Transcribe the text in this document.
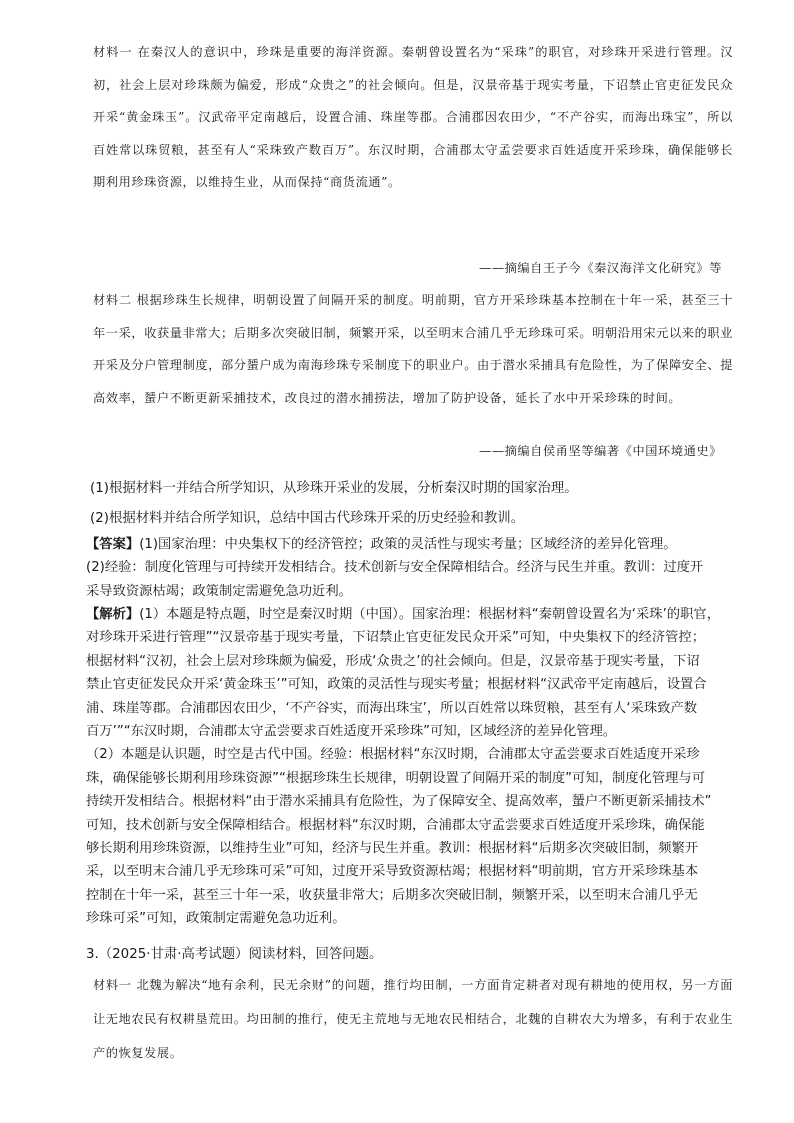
材料一 在秦汉人的意识中，珍珠是重要的海洋资源。秦朝曾设置名为“采珠”的职官，对珍珠开采进行管理。汉初，社会上层对珍珠颇为偏爱，形成“众贵之”的社会倾向。但是，汉景帝基于现实考量，下诏禁止官吏征发民众开采“黄金珠玉”。汉武帝平定南越后，设置合浦、珠崖等郡。合浦郡因农田少，“不产谷实，而海出珠宝”，所以百姓常以珠贸粮，甚至有人“采珠致产数百万”。东汉时期，合浦郡太守孟尝要求百姓适度开采珍珠，确保能够长期利用珍珠资源，以维持生业，从而保持“商货流通”。

——摘编自王子今《秦汉海洋文化研究》等

材料二 根据珍珠生长规律，明朝设置了间隔开采的制度。明前期，官方开采珍珠基本控制在十年一采，甚至三十年一采，收获量非常大；后期多次突破旧制，频繁开采，以至明末合浦几乎无珍珠可采。明朝沿用宋元以来的职业开采及分户管理制度，部分蜑户成为南海珍珠专采制度下的职业户。由于潜水采捕具有危险性，为了保障安全、提高效率，蜑户不断更新采捕技术，改良过的潜水捕捞法，增加了防护设备，延长了水中开采珍珠的时间。

——摘编自侯甬坚等编著《中国环境通史》

(1)根据材料一并结合所学知识，从珍珠开采业的发展，分析秦汉时期的国家治理。

(2)根据材料并结合所学知识，总结中国古代珍珠开采的历史经验和教训。

【答案】(1)国家治理：中央集权下的经济管控；政策的灵活性与现实考量；区域经济的差异化管理。
(2)经验：制度化管理与可持续开发相结合。技术创新与安全保障相结合。经济与民生并重。教训：过度开
采导致资源枯竭；政策制定需避免急功近利。
【解析】(1）本题是特点题，时空是秦汉时期（中国）。国家治理：根据材料“秦朝曾设置名为‘采珠’的职官，
对珍珠开采进行管理”“汉景帝基于现实考量，下诏禁止官吏征发民众开采”可知，中央集权下的经济管控；
根据材料“汉初，社会上层对珍珠颇为偏爱，形成‘众贵之’的社会倾向。但是，汉景帝基于现实考量，下诏
禁止官吏征发民众开采‘黄金珠玉’”可知，政策的灵活性与现实考量；根据材料“汉武帝平定南越后，设置合
浦、珠崖等郡。合浦郡因农田少，‘不产谷实，而海出珠宝’，所以百姓常以珠贸粮，甚至有人‘采珠致产数
百万’”“东汉时期，合浦郡太守孟尝要求百姓适度开采珍珠”可知，区域经济的差异化管理。
（2）本题是认识题，时空是古代中国。经验：根据材料“东汉时期，合浦郡太守孟尝要求百姓适度开采珍
珠，确保能够长期利用珍珠资源”“根据珍珠生长规律，明朝设置了间隔开采的制度”可知，制度化管理与可
持续开发相结合。根据材料“由于潜水采捕具有危险性，为了保障安全、提高效率，蜑户不断更新采捕技术”
可知，技术创新与安全保障相结合。根据材料“东汉时期，合浦郡太守孟尝要求百姓适度开采珍珠，确保能
够长期利用珍珠资源，以维持生业”可知，经济与民生并重。教训：根据材料“后期多次突破旧制，频繁开
采，以至明末合浦几乎无珍珠可采”可知，过度开采导致资源枯竭；根据材料“明前期，官方开采珍珠基本
控制在十年一采，甚至三十年一采，收获量非常大；后期多次突破旧制，频繁开采，以至明末合浦几乎无
珍珠可采”可知，政策制定需避免急功近利。

3.（2025·甘肃·高考试题）阅读材料，回答问题。

材料一 北魏为解决“地有余利，民无余财”的问题，推行均田制，一方面肯定耕者对现有耕地的使用权，另一方面让无地农民有权耕垦荒田。均田制的推行，使无主荒地与无地农民相结合，北魏的自耕农大为增多，有利于农业生产的恢复发展。
